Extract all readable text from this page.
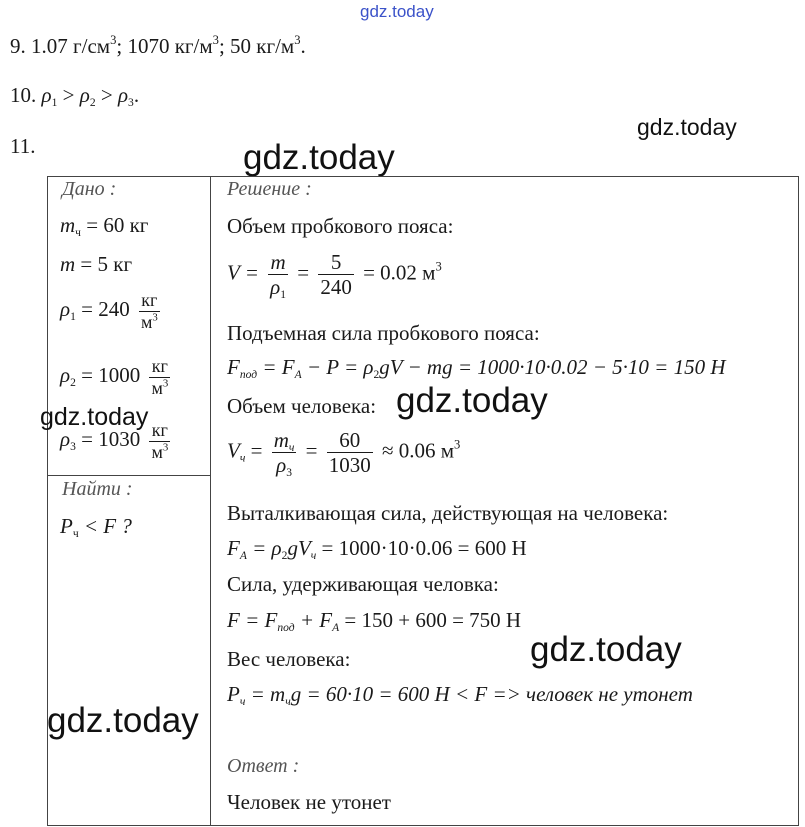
gdz.today
gdz.today
gdz.today
9. 1.07 $г/см^3$; 1070 $кг/м^3$; 50 $кг/м^3$.
10. $\rho_1 > \rho_2 > \rho_3$.
11.
Дано :
$m_ч = 60$ кг
m = 5 кг
$\rho_1 = 240 \frac{кг}{м^3}$
$\rho_2 = 1000 \frac{кг}{м^3}$
gdz.today
$\rho_3 = 1030 \frac{кг}{м^3}$
Найти :
$P_ч < F$ ?
Решение :
Объем пробкового пояса:
$V = \frac{m}{\rho_1} = \frac{5}{240} = 0.02$ $м^3$
Подъемная сила пробкового пояса:
$F_{под} = F_A - P = \rho_2gV$ − mg = 1000·10·0.02 − 5·10 = 150 Н
Объем человека: gdz.today
$V_ч = \frac{m_ч}{\rho_3} = \frac{60}{1030} \approx 0.06$ $м^3$
Выталкивающая сила, действующая на человека:
$F_A = \rho_2gV_ч = 1000\cdot 10\cdot 0.06 = 600$ Н
Сила, удерживающая человка:
$F = F_{под} + F_A = 150 + 600 = 750$ Н
gdz.today
Вес человека:
$P_ч = m_чg = 60\cdot 10 = 600$ Н < F => человек не утонет
gdz.today
Ответ :
Человек не утонет
